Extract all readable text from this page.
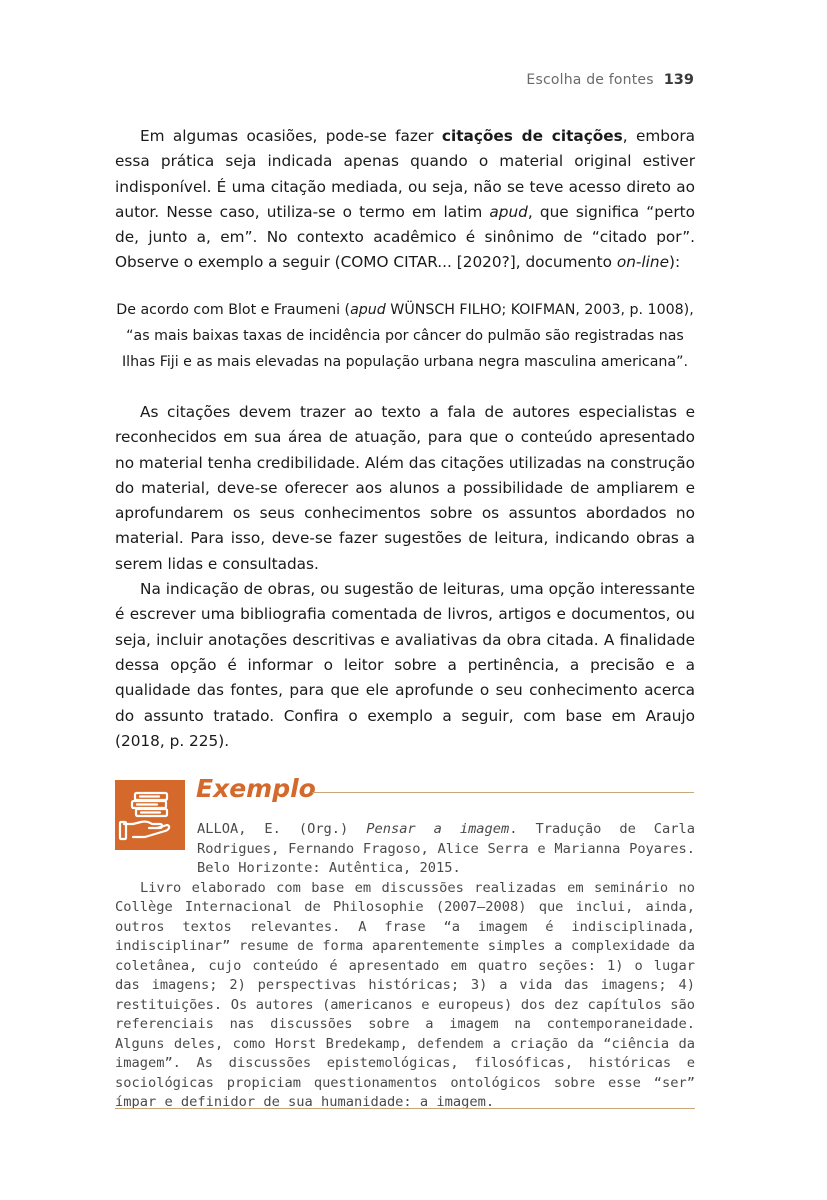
Escolha de fontes 139

Em algumas ocasiões, pode-se fazer citações de citações, embora essa prática seja indicada apenas quando o material original estiver indisponível. É uma citação mediada, ou seja, não se teve acesso direto ao autor. Nesse caso, utiliza-se o termo em latim apud, que significa “perto de, junto a, em”. No contexto acadêmico é sinônimo de “citado por”. Observe o exemplo a seguir (COMO CITAR... [2020?], documento on-line):

De acordo com Blot e Fraumeni (apud WÜNSCH FILHO; KOIFMAN, 2003, p. 1008),
“as mais baixas taxas de incidência por câncer do pulmão são registradas nas
Ilhas Fiji e as mais elevadas na população urbana negra masculina americana”.

As citações devem trazer ao texto a fala de autores especialistas e reconhecidos em sua área de atuação, para que o conteúdo apresentado no material tenha credibilidade. Além das citações utilizadas na construção do material, deve-se oferecer aos alunos a possibilidade de ampliarem e aprofundarem os seus conhecimentos sobre os assuntos abordados no material. Para isso, deve-se fazer sugestões de leitura, indicando obras a serem lidas e consultadas.

Na indicação de obras, ou sugestão de leituras, uma opção interessante é escrever uma bibliografia comentada de livros, artigos e documentos, ou seja, incluir anotações descritivas e avaliativas da obra citada. A finalidade dessa opção é informar o leitor sobre a pertinência, a precisão e a qualidade das fontes, para que ele aprofunde o seu conhecimento acerca do assunto tratado. Confira o exemplo a seguir, com base em Araujo (2018, p. 225).

Exemplo

ALLOA, E. (Org.) Pensar a imagem. Tradução de Carla Rodrigues, Fernando Fragoso, Alice Serra e Marianna Poyares. Belo Horizonte: Autêntica, 2015.

Livro elaborado com base em discussões realizadas em seminário no Collège Internacional de Philosophie (2007–2008) que inclui, ainda, outros textos relevantes. A frase “a imagem é indisciplinada, indisciplinar” resume de forma aparentemente simples a complexidade da coletânea, cujo conteúdo é apresentado em quatro seções: 1) o lugar das imagens; 2) perspectivas históricas; 3) a vida das imagens; 4) restituições. Os autores (americanos e europeus) dos dez capítulos são referenciais nas discussões sobre a imagem na contemporaneidade. Alguns deles, como Horst Bredekamp, defendem a criação da “ciência da imagem”. As discussões epistemológicas, filosóficas, históricas e sociológicas propiciam questionamentos ontológicos sobre esse “ser” ímpar e definidor de sua humanidade: a imagem.
